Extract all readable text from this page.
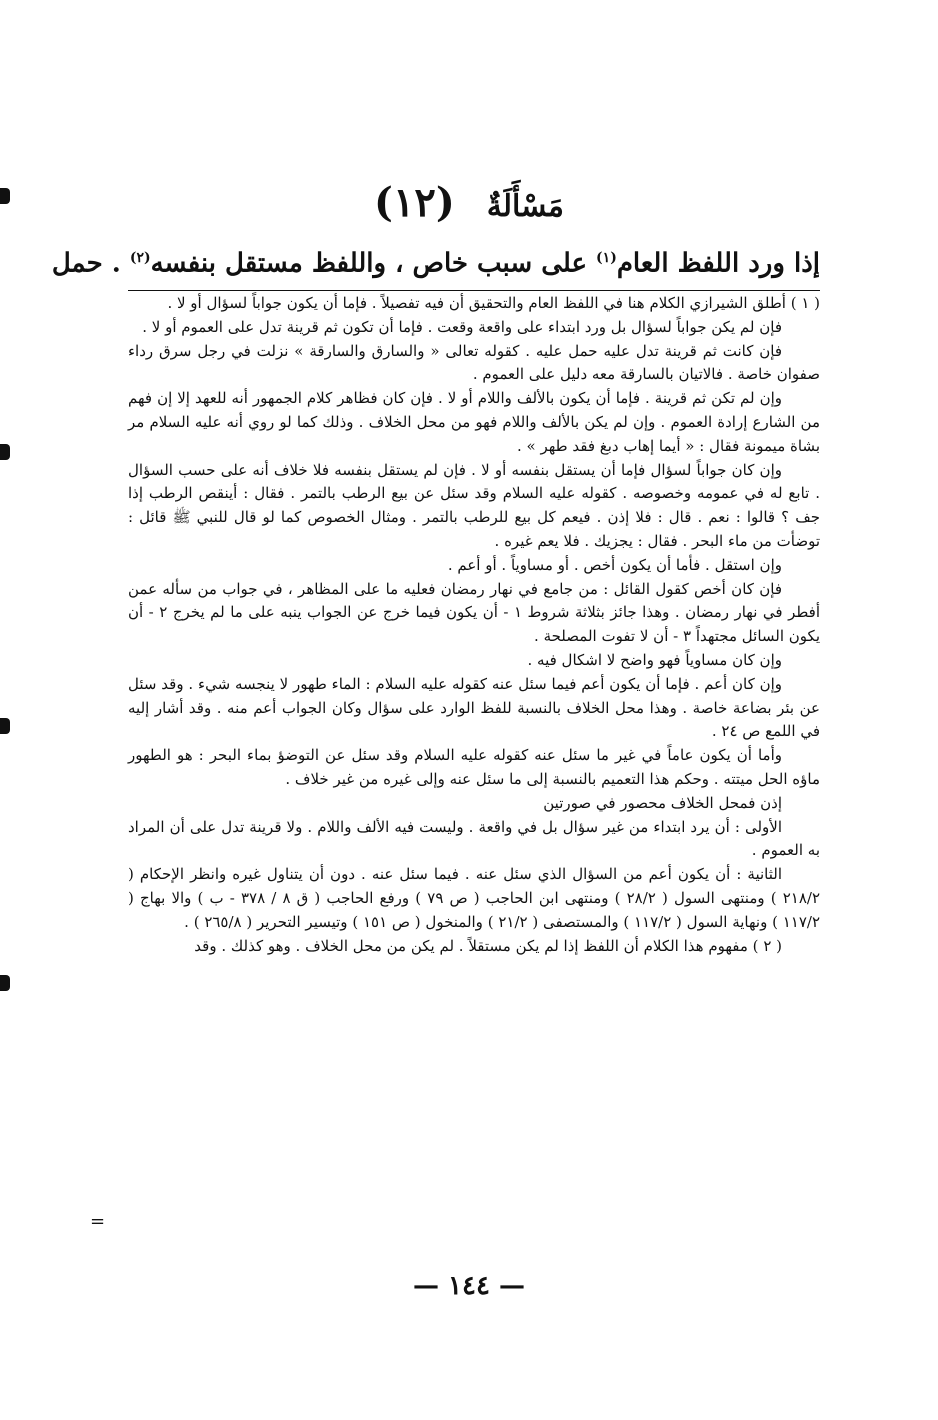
مَسْأَلَةٌ (١٢)
إذا ورد اللفظ العام$^{(١)}$ على سبب خاص ، واللفظ مستقل بنفسه$^{(٢)}$ . حمل

( ١ ) أطلق الشيرازي الكلام هنا في اللفظ العام والتحقيق أن فيه تفصيلاً . فإما أن يكون جواباً لسؤال أو لا .

فإن لم يكن جواباً لسؤال بل ورد ابتداء على واقعة وقعت . فإما أن تكون ثم قرينة تدل على العموم أو لا .

فإن كانت ثم قرينة تدل عليه حمل عليه . كقوله تعالى « والسارق والسارقة » نزلت في رجل سرق رداء صفوان خاصة . فالاتيان بالسارقة معه دليل على العموم .

وإن لم تكن ثم قرينة . فإما أن يكون بالألف واللام أو لا . فإن كان فظاهر كلام الجمهور أنه للعهد إلا إن فهم من الشارع إرادة العموم . وإن لم يكن بالألف واللام فهو من محل الخلاف . وذلك كما لو روي أنه عليه السلام مر بشاة ميمونة فقال : « أيما إهاب دبغ فقد طهر » .

وإن كان جواباً لسؤال فإما أن يستقل بنفسه أو لا . فإن لم يستقل بنفسه فلا خلاف أنه على حسب السؤال . تابع له في عمومه وخصوصه . كقوله عليه السلام وقد سئل عن بيع الرطب بالتمر . فقال : أينقص الرطب إذا جف ؟ قالوا : نعم . قال : فلا إذن . فيعم كل بيع للرطب بالتمر . ومثال الخصوص كما لو قال للنبي ﷺ قائل : توضأت من ماء البحر . فقال : يجزيك . فلا يعم غيره .

وإن استقل . فأما أن يكون أخص . أو مساوياً . أو أعم .

فإن كان أخص كقول القائل : من جامع في نهار رمضان فعليه ما على المظاهر ، في جواب من سأله عمن أفطر في نهار رمضان . وهذا جائز بثلاثة شروط ١ - أن يكون فيما خرج عن الجواب ينبه على ما لم يخرج ٢ - أن يكون السائل مجتهداً ٣ - أن لا تفوت المصلحة .

وإن كان مساوياً فهو واضح لا اشكال فيه .

وإن كان أعم . فإما أن يكون أعم فيما سئل عنه كقوله عليه السلام : الماء طهور لا ينجسه شيء . وقد سئل عن بئر بضاعة خاصة . وهذا محل الخلاف بالنسبة للفظ الوارد على سؤال وكان الجواب أعم منه . وقد أشار إليه في اللمع ص ٢٤ .

وأما أن يكون عاماً في غير ما سئل عنه كقوله عليه السلام وقد سئل عن التوضؤ بماء البحر : هو الطهور ماؤه الحل ميتته . وحكم هذا التعميم بالنسبة إلى ما سئل عنه وإلى غيره من غير خلاف .

إذن فمحل الخلاف محصور في صورتين

الأولى : أن يرد ابتداء من غير سؤال بل في واقعة . وليست فيه الألف واللام . ولا قرينة تدل على أن المراد به العموم .

الثانية : أن يكون أعم من السؤال الذي سئل عنه . فيما سئل عنه . دون أن يتناول غيره وانظر الإحكام ( ٢١٨/٢ ) ومنتهى السول ( ٢٨/٢ ) ومنتهى ابن الحاجب ( ص ٧٩ ) ورفع الحاجب ( ق ٨ / ٣٧٨ - ب ) والا بهاج ( ١١٧/٢ ) ونهاية السول ( ١١٧/٢ ) والمستصفى ( ٢١/٢ ) والمنخول ( ص ١٥١ ) وتيسير التحرير ( ٢٦٥/٨ ) .

( ٢ ) مفهوم هذا الكلام أن اللفظ إذا لم يكن مستقلاً . لم يكن من محل الخلاف . وهو كذلك . وقد

=
— ١٤٤ —
